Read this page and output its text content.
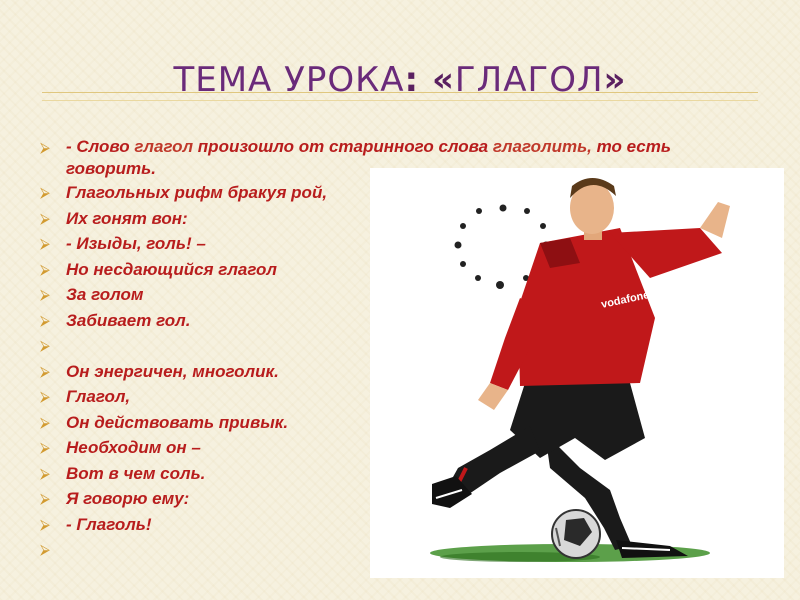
ТЕМА УРОКА: «ГЛАГОЛ»
⮚ - Слово глагол произошло от старинного слова глаголить, то есть говорить.
⮚ Глагольных рифм бракуя рой,
⮚ Их гонят вон:
⮚ - Изыды, голь! –
⮚ Но несдающийся глагол
⮚ За голом
⮚ Забивает гол.
⮚
⮚ Он энергичен, многолик.
⮚ Глагол,
⮚ Он действовать привык.
⮚ Необходим он –
⮚ Вот в чем соль.
⮚ Я говорю ему:
⮚ - Глаголь!
⮚
vodafone
